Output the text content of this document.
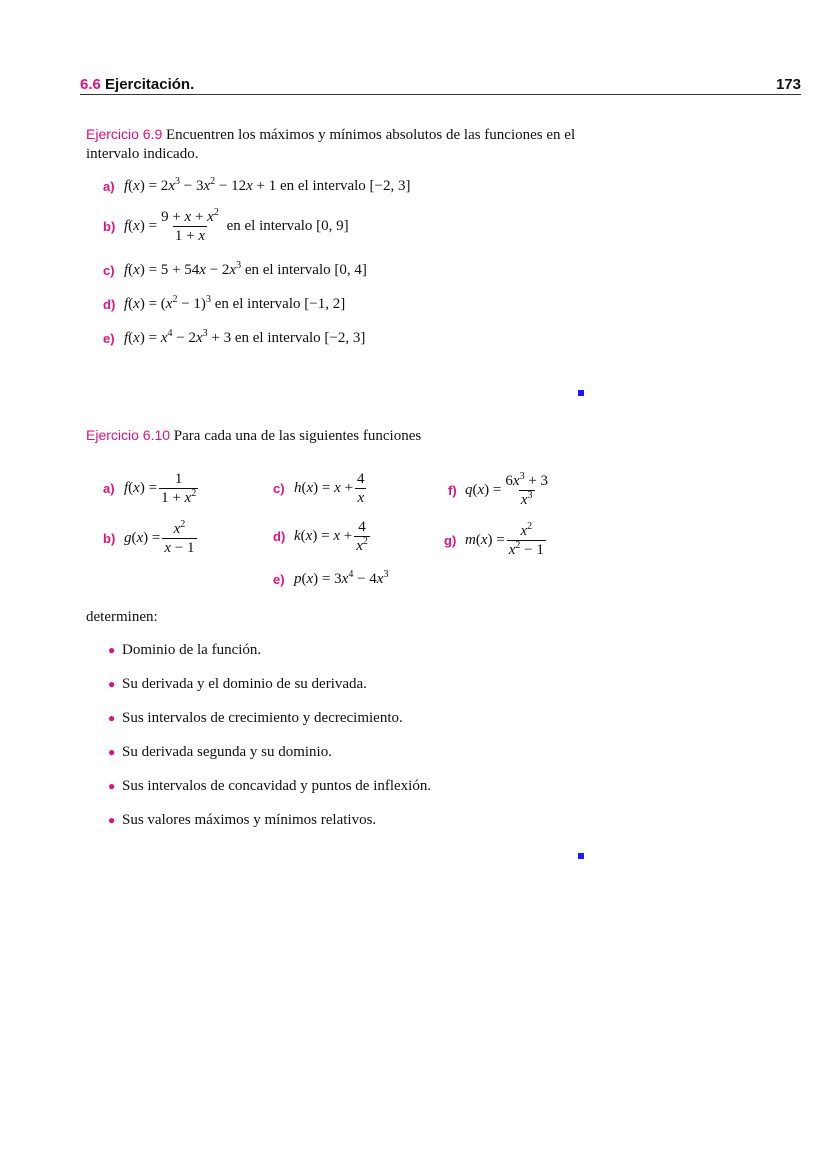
6.6 Ejercitación.	173
Ejercicio 6.9 Encuentren los máximos y mínimos absolutos de las funciones en el
intervalo indicado.
a) $f(x) = 2x^3 - 3x^2 - 12x + 1$
en el intervalo [−2, 3]
b) $f(x) = \frac{9 + x + x^2}{1 + x}$
en el intervalo [0, 9]
c) $f(x) = 5 + 54x - 2x^3$
en el intervalo [0, 4]
d) $f(x) = (x^2 - 1)^3$
en el intervalo [−1, 2]
e) $f(x) = x^4 - 2x^3 + 3$
en el intervalo [−2, 3]
Ejercicio 6.10 Para cada una de las siguientes funciones
a) $f(x) = \frac{1}{1 + x^2}$	c) $h(x) = x + \frac{4}{x}$	f) $q(x) = \frac{6x^3 + 3}{x^3}$
b) $g(x) = \frac{x^2}{x - 1}$	d) $k(x) = x + \frac{4}{x^2}$	g) $m(x) = \frac{x^2}{x^2 - 1}$
e) $p(x) = 3x^4 - 4x^3$
determinen:
● Dominio de la función.
● Su derivada y el dominio de su derivada.
● Sus intervalos de crecimiento y decrecimiento.
● Su derivada segunda y su dominio.
● Sus intervalos de concavidad y puntos de inflexión.
● Sus valores máximos y mínimos relativos.
